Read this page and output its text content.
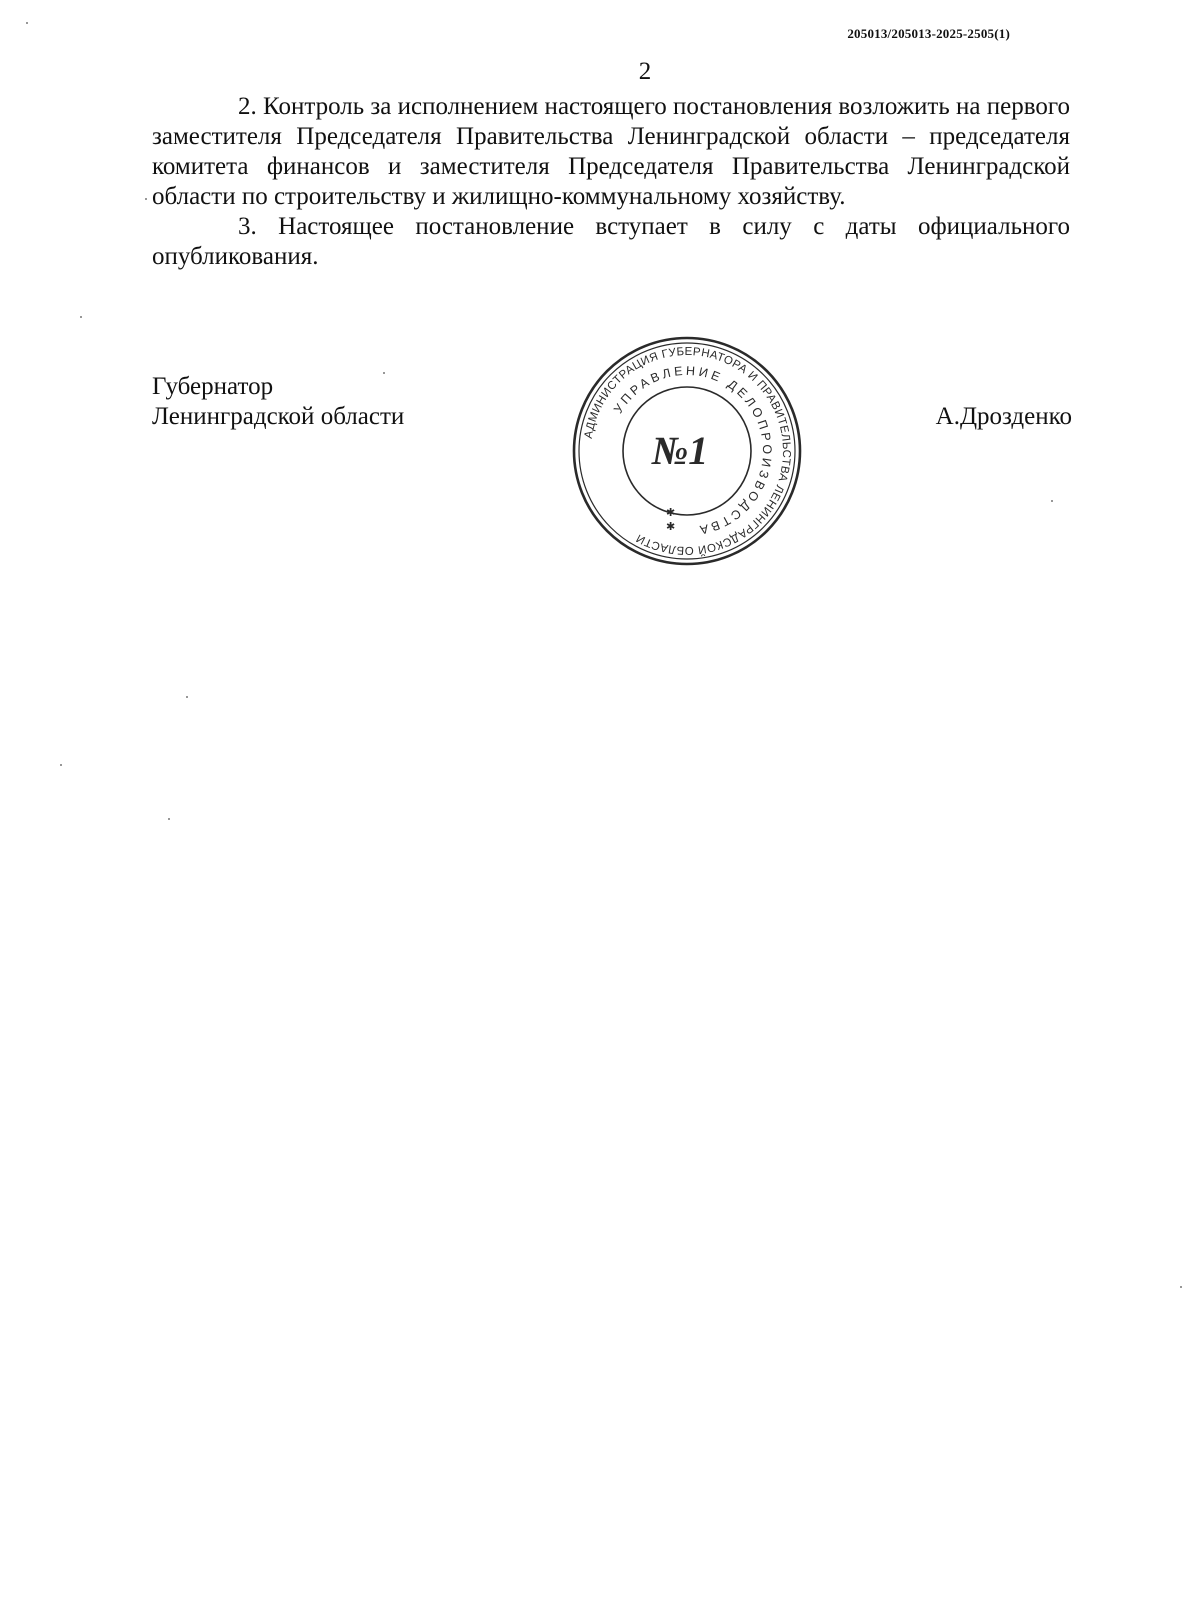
205013/205013-2025-2505(1)
2

2. Контроль за исполнением настоящего постановления возложить на первого заместителя Председателя Правительства Ленинградской области – председателя комитета финансов и заместителя Председателя Правительства Ленинградской области по строительству и жилищно-коммунальному хозяйству.

3. Настоящее постановление вступает в силу с даты официального опубликования.

Губернатор
Ленинградской области	А.Дрозденко
АДМИНИСТРАЦИЯ ГУБЕРНАТОРА И ПРАВИТЕЛЬСТВА ЛЕНИНГРАДСКОЙ ОБЛАСТИ
УПРАВЛЕНИЕ ДЕЛОПРОИЗВОДСТВА
№1
✱
✱
